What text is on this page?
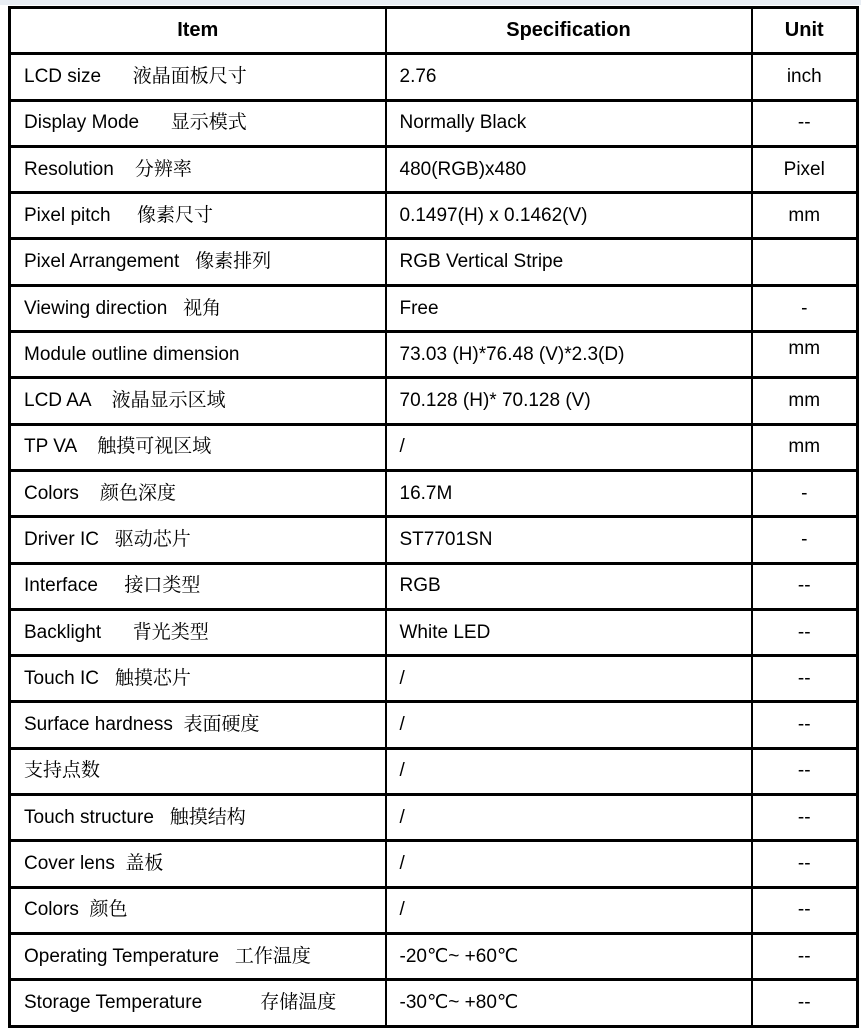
Item	Specification	Unit
LCD size      液晶面板尺寸	2.76	inch
Display Mode      显示模式	Normally Black	--
Resolution    分辨率	480(RGB)x480	Pixel
Pixel pitch     像素尺寸	0.1497(H) x 0.1462(V)	mm
Pixel Arrangement   像素排列	RGB Vertical Stripe	
Viewing direction   视角	Free	-
Module outline dimension	73.03 (H)*76.48 (V)*2.3(D)	mm
LCD AA    液晶显示区域	70.128 (H)* 70.128 (V)	mm
TP VA    触摸可视区域	/	mm
Colors    颜色深度	16.7M	-
Driver IC   驱动芯片	ST7701SN	-
Interface     接口类型	RGB	--
Backlight      背光类型	White LED	--
Touch IC   触摸芯片	/	--
Surface hardness  表面硬度	/	--
支持点数	/	--
Touch structure   触摸结构	/	--
Cover lens  盖板	/	--
Colors  颜色	/	--
Operating Temperature   工作温度	-20℃~ +60℃	--
Storage Temperature           存储温度	-30℃~ +80℃	--
